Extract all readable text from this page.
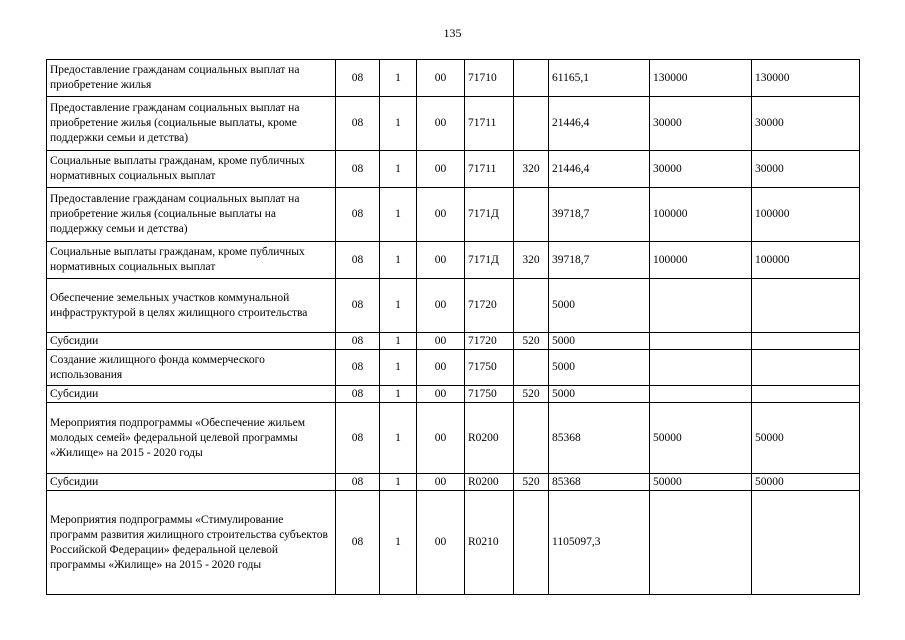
135
Предоставление гражданам социальных выплат на приобретение жилья	08	1	00	71710		61165,1	130000	130000
Предоставление гражданам социальных выплат на приобретение жилья (социальные выплаты, кроме поддержки семьи и детства)	08	1	00	71711		21446,4	30000	30000
Социальные выплаты гражданам, кроме публичных нормативных социальных выплат	08	1	00	71711	320	21446,4	30000	30000
Предоставление гражданам социальных выплат на приобретение жилья (социальные выплаты на поддержку семьи и детства)	08	1	00	7171Д		39718,7	100000	100000
Социальные выплаты гражданам, кроме публичных нормативных социальных выплат	08	1	00	7171Д	320	39718,7	100000	100000
Обеспечение земельных участков коммунальной инфраструктурой в целях жилищного строительства	08	1	00	71720		5000		
Субсидии	08	1	00	71720	520	5000		
Создание жилищного фонда коммерческого использования	08	1	00	71750		5000		
Субсидии	08	1	00	71750	520	5000		
Мероприятия подпрограммы «Обеспечение жильем молодых семей» федеральной целевой программы «Жилище» на 2015 - 2020 годы	08	1	00	R0200		85368	50000	50000
Субсидии	08	1	00	R0200	520	85368	50000	50000
Мероприятия подпрограммы «Стимулирование программ развития жилищного строительства субъектов Российской Федерации» федеральной целевой программы «Жилище» на 2015 - 2020 годы	08	1	00	R0210		1105097,3		
